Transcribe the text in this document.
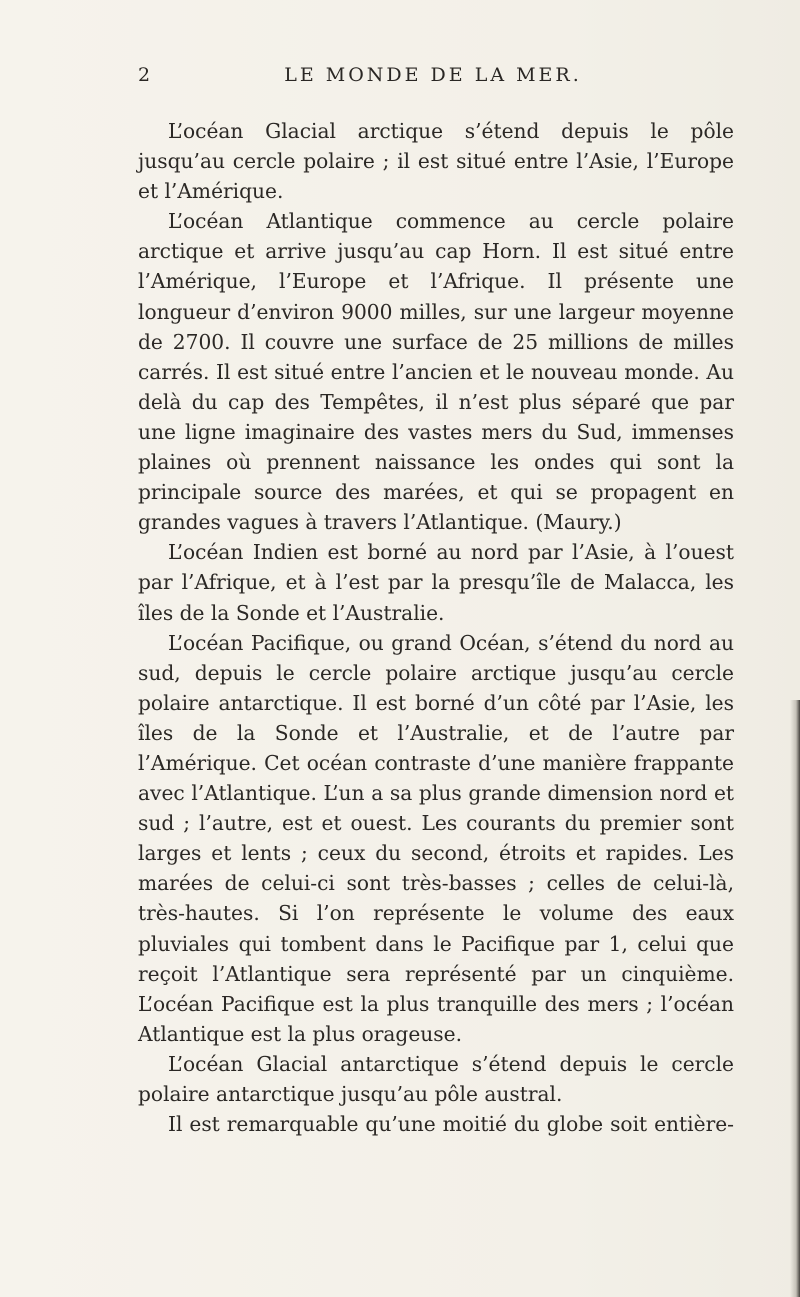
2	LE MONDE DE LA MER.

L’océan Glacial arctique s’étend depuis le pôle jusqu’au cercle polaire ; il est situé entre l’Asie, l’Europe et l’Amérique.

L’océan Atlantique commence au cercle polaire arctique et arrive jusqu’au cap Horn. Il est situé entre l’Amérique, l’Europe et l’Afrique. Il présente une longueur d’environ 9000 milles, sur une largeur moyenne de 2700. Il couvre une surface de 25 millions de milles carrés. Il est situé entre l’ancien et le nouveau monde. Au delà du cap des Tempêtes, il n’est plus séparé que par une ligne imaginaire des vastes mers du Sud, immenses plaines où prennent naissance les ondes qui sont la principale source des marées, et qui se propagent en grandes vagues à travers l’Atlantique. (Maury.)

L’océan Indien est borné au nord par l’Asie, à l’ouest par l’Afrique, et à l’est par la presqu’île de Malacca, les îles de la Sonde et l’Australie.

L’océan Pacifique, ou grand Océan, s’étend du nord au sud, depuis le cercle polaire arctique jusqu’au cercle polaire antarctique. Il est borné d’un côté par l’Asie, les îles de la Sonde et l’Australie, et de l’autre par l’Amérique. Cet océan contraste d’une manière frappante avec l’Atlantique. L’un a sa plus grande dimension nord et sud ; l’autre, est et ouest. Les courants du premier sont larges et lents ; ceux du second, étroits et rapides. Les marées de celui-ci sont très-basses ; celles de celui-là, très-hautes. Si l’on représente le volume des eaux pluviales qui tombent dans le Pacifique par 1, celui que reçoit l’Atlantique sera représenté par un cinquième. L’océan Pacifique est la plus tranquille des mers ; l’océan Atlantique est la plus orageuse.

L’océan Glacial antarctique s’étend depuis le cercle polaire antarctique jusqu’au pôle austral.

Il est remarquable qu’une moitié du globe soit entière-
